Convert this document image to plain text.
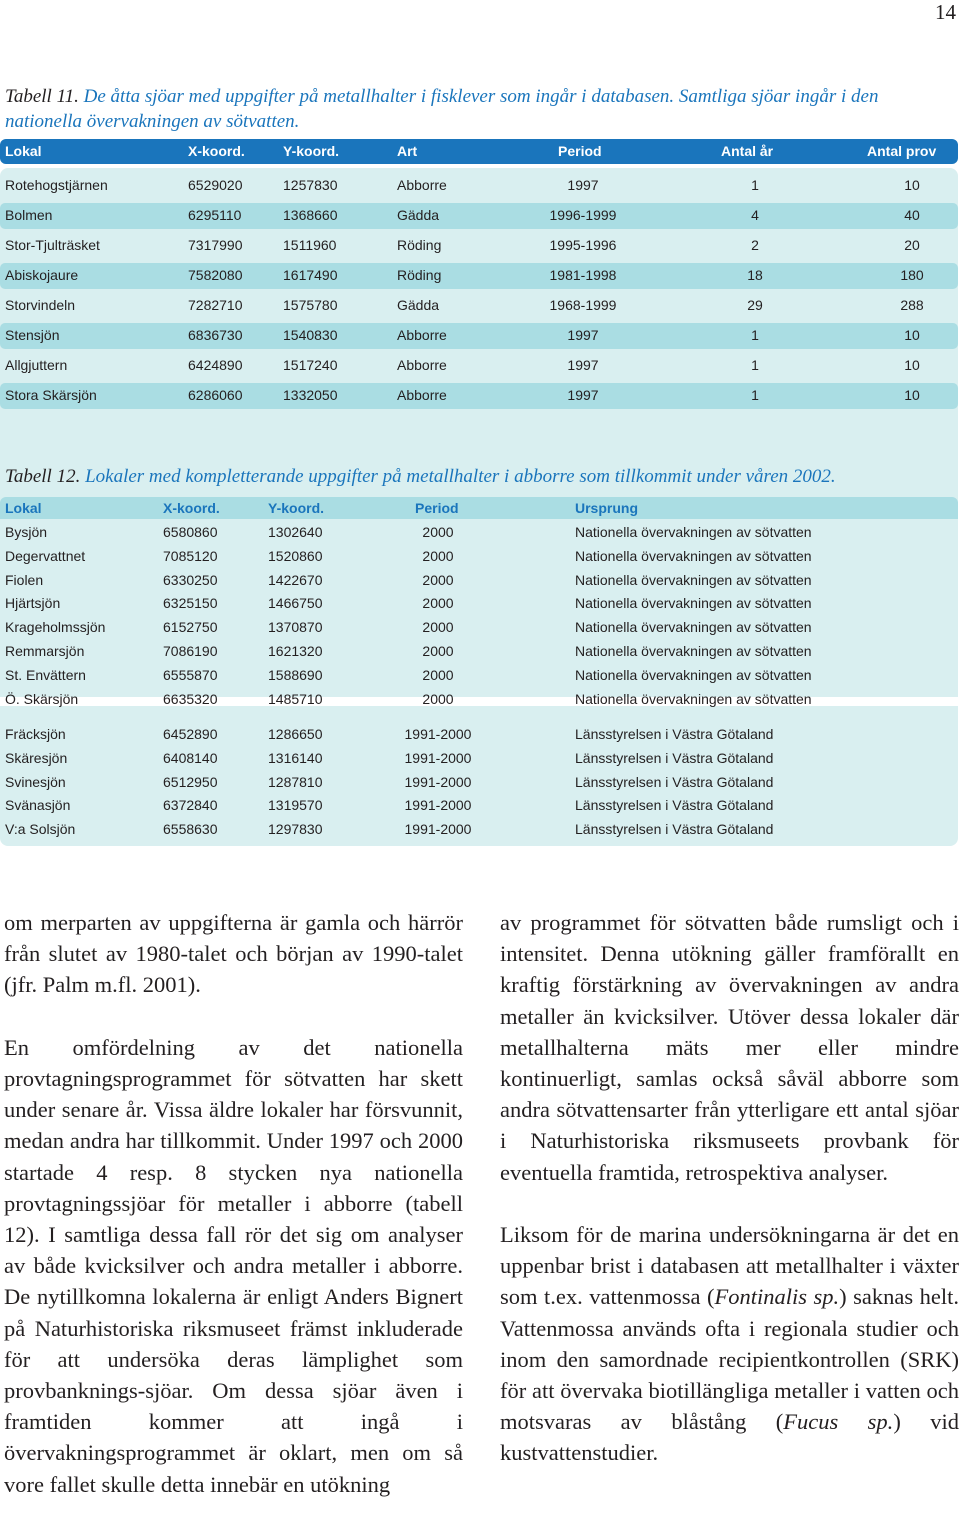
14
Tabell 11. De åtta sjöar med uppgifter på metallhalter i fisklever som ingår i databasen. Samtliga sjöar ingår i den
nationella övervakningen av sötvatten.
Lokal	X-koord.	Y-koord.	Art	Period	Antal år	Antal prov
Rotehogstjärnen	6529020	1257830	Abborre	1997	1	10
Bolmen	6295110	1368660	Gädda	1996-1999	4	40
Stor-Tjulträsket	7317990	1511960	Röding	1995-1996	2	20
Abiskojaure	7582080	1617490	Röding	1981-1998	18	180
Storvindeln	7282710	1575780	Gädda	1968-1999	29	288
Stensjön	6836730	1540830	Abborre	1997	1	10
Allgjuttern	6424890	1517240	Abborre	1997	1	10
Stora Skärsjön	6286060	1332050	Abborre	1997	1	10
Tabell 12. Lokaler med kompletterande uppgifter på metallhalter i abborre som tillkommit under våren 2002.
Lokal	X-koord.	Y-koord.	Period	Ursprung
Bysjön	6580860	1302640	2000	Nationella övervakningen av sötvatten
Degervattnet	7085120	1520860	2000	Nationella övervakningen av sötvatten
Fiolen	6330250	1422670	2000	Nationella övervakningen av sötvatten
Hjärtsjön	6325150	1466750	2000	Nationella övervakningen av sötvatten
Krageholmssjön	6152750	1370870	2000	Nationella övervakningen av sötvatten
Remmarsjön	7086190	1621320	2000	Nationella övervakningen av sötvatten
St. Envättern	6555870	1588690	2000	Nationella övervakningen av sötvatten
Ö. Skärsjön	6635320	1485710	2000	Nationella övervakningen av sötvatten
Fräcksjön	6452890	1286650	1991-2000	Länsstyrelsen i Västra Götaland
Skäresjön	6408140	1316140	1991-2000	Länsstyrelsen i Västra Götaland
Svinesjön	6512950	1287810	1991-2000	Länsstyrelsen i Västra Götaland
Svänasjön	6372840	1319570	1991-2000	Länsstyrelsen i Västra Götaland
V:a Solsjön	6558630	1297830	1991-2000	Länsstyrelsen i Västra Götaland

om merparten av uppgifterna är gamla och härrör från slutet av 1980-talet och början av 1990-talet (jfr. Palm m.fl. 2001).

En omfördelning av det nationella provtagningsprogrammet för sötvatten har skett under senare år. Vissa äldre lokaler har försvunnit, medan andra har tillkommit. Under 1997 och 2000 startade 4 resp. 8 stycken nya nationella provtagningssjöar för metaller i abborre (tabell 12). I samtliga dessa fall rör det sig om analyser av både kvicksilver och andra metaller i abborre. De nytillkomna lokalerna är enligt Anders Bignert på Naturhistoriska riksmuseet främst inkluderade för att undersöka deras lämplighet som provbanknings-sjöar. Om dessa sjöar även i framtiden kommer att ingå i övervakningsprogrammet är oklart, men om så vore fallet skulle detta innebär en utökning

av programmet för sötvatten både rumsligt och i intensitet. Denna utökning gäller framförallt en kraftig förstärkning av övervakningen av andra metaller än kvicksilver. Utöver dessa lokaler där metallhalterna mäts mer eller mindre kontinuerligt, samlas också såväl abborre som andra sötvattensarter från ytterligare ett antal sjöar i Naturhistoriska riksmuseets provbank för eventuella framtida, retrospektiva analyser.

Liksom för de marina undersökningarna är det en uppenbar brist i databasen att metallhalter i växter som t.ex. vattenmossa (Fontinalis sp.) saknas helt. Vattenmossa används ofta i regionala studier och inom den samordnade recipientkontrollen (SRK) för att övervaka biotillängliga metaller i vatten och motsvaras av blåstång (Fucus sp.) vid kustvattenstudier.
